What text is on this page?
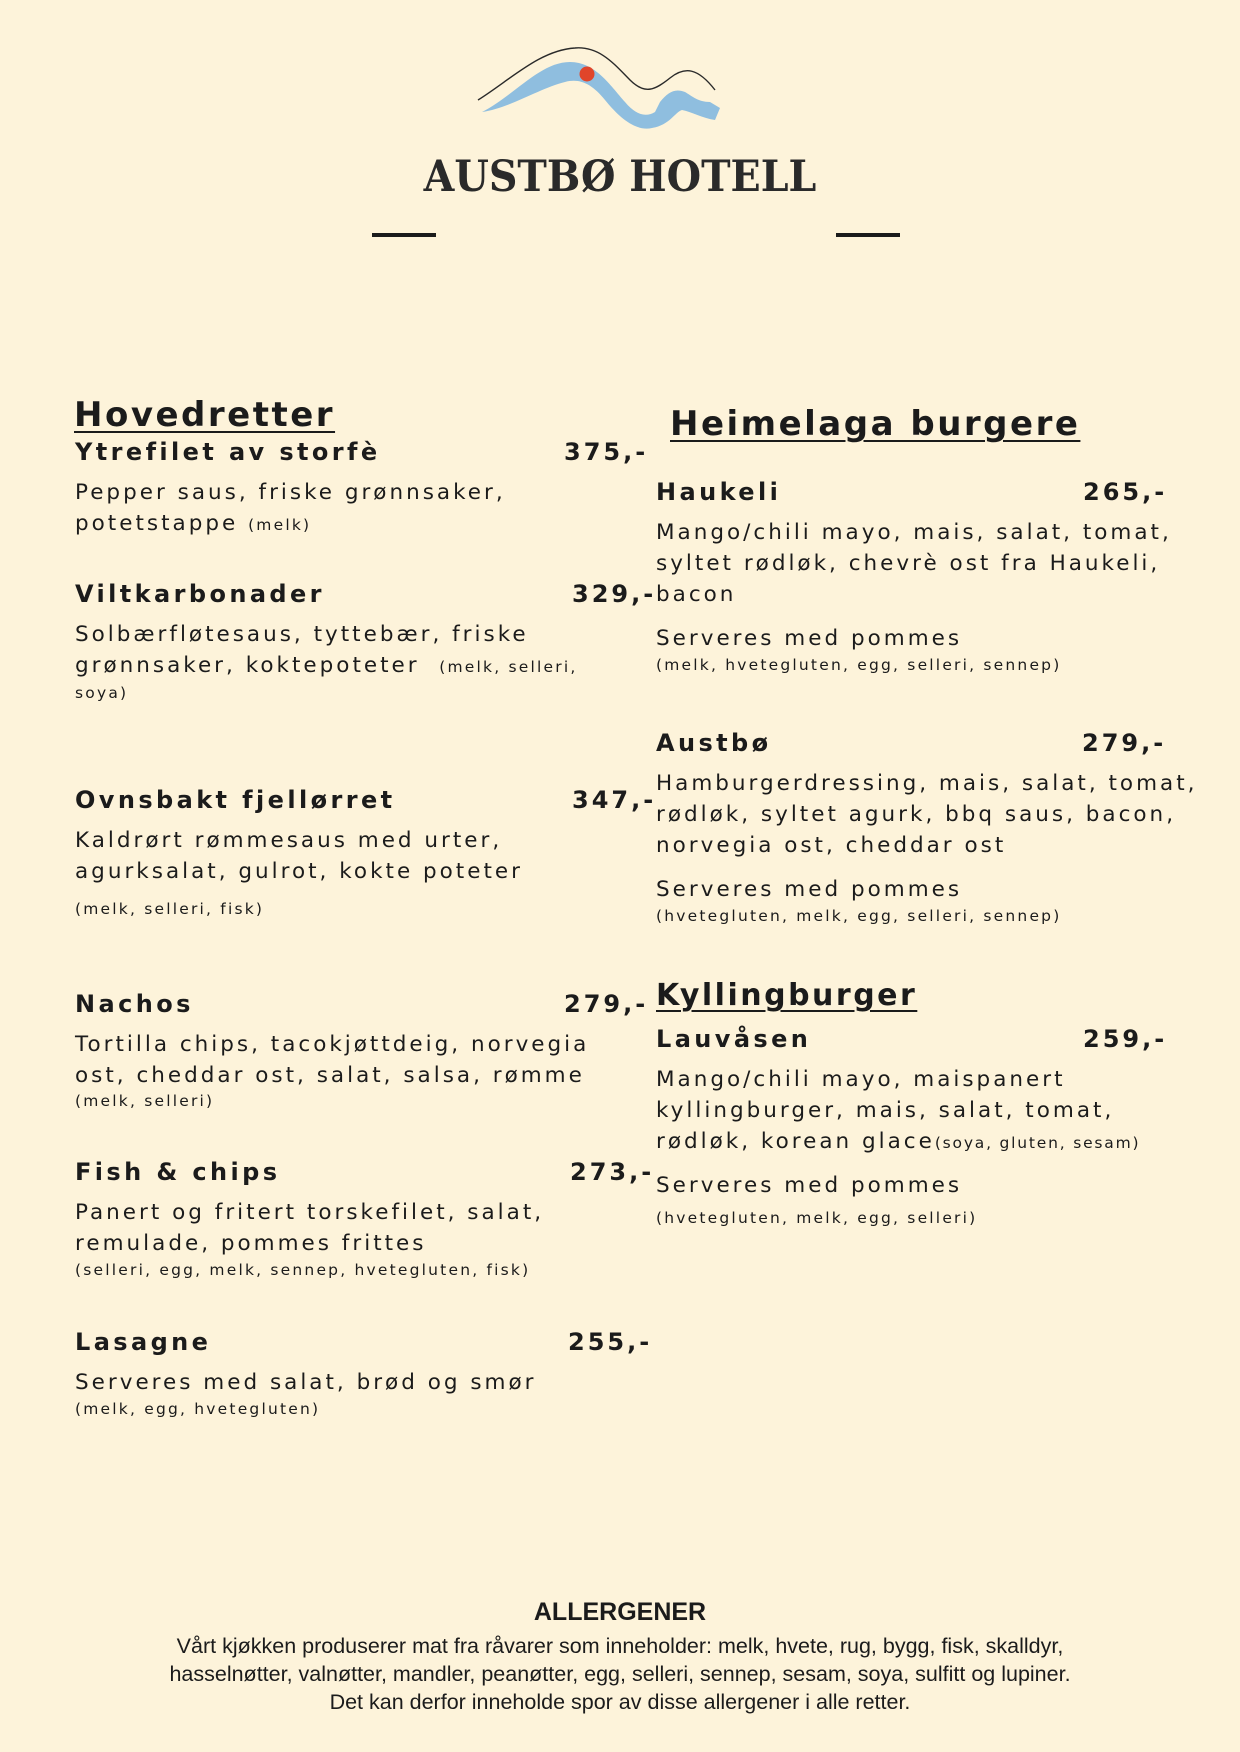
AUSTBØ HOTELL
Hovedretter
Ytrefilet av storfè	375,-
Pepper saus, friske grønnsaker,
potetstappe (melk)
Viltkarbonader	329,-
Solbærfløtesaus, tyttebær, friske
grønnsaker, koktepoteter (melk, selleri,
soya)
Ovnsbakt fjellørret	347,-
Kaldrørt rømmesaus med urter,
agurksalat, gulrot, kokte poteter
(melk, selleri, fisk)
Nachos	279,-
Tortilla chips, tacokjøttdeig, norvegia
ost, cheddar ost, salat, salsa, rømme
(melk, selleri)
Fish & chips	273,-
Panert og fritert torskefilet, salat,
remulade, pommes frittes
(selleri, egg, melk, sennep, hvetegluten, fisk)
Lasagne	255,-
Serveres med salat, brød og smør
(melk, egg, hvetegluten)
Heimelaga burgere
Haukeli	265,-
Mango/chili mayo, mais, salat, tomat,
syltet rødløk, chevrè ost fra Haukeli,
bacon
Serveres med pommes
(melk, hvetegluten, egg, selleri, sennep)
Austbø	279,-
Hamburgerdressing, mais, salat, tomat,
rødløk, syltet agurk, bbq saus, bacon,
norvegia ost, cheddar ost
Serveres med pommes
(hvetegluten, melk, egg, selleri, sennep)
Kyllingburger
Lauvåsen	259,-
Mango/chili mayo, maispanert
kyllingburger, mais, salat, tomat,
rødløk, korean glace(soya, gluten, sesam)
Serveres med pommes
(hvetegluten, melk, egg, selleri)
ALLERGENER
Vårt kjøkken produserer mat fra råvarer som inneholder: melk, hvete, rug, bygg, fisk, skalldyr,
hasselnøtter, valnøtter, mandler, peanøtter, egg, selleri, sennep, sesam, soya, sulfitt og lupiner.
Det kan derfor inneholde spor av disse allergener i alle retter.
